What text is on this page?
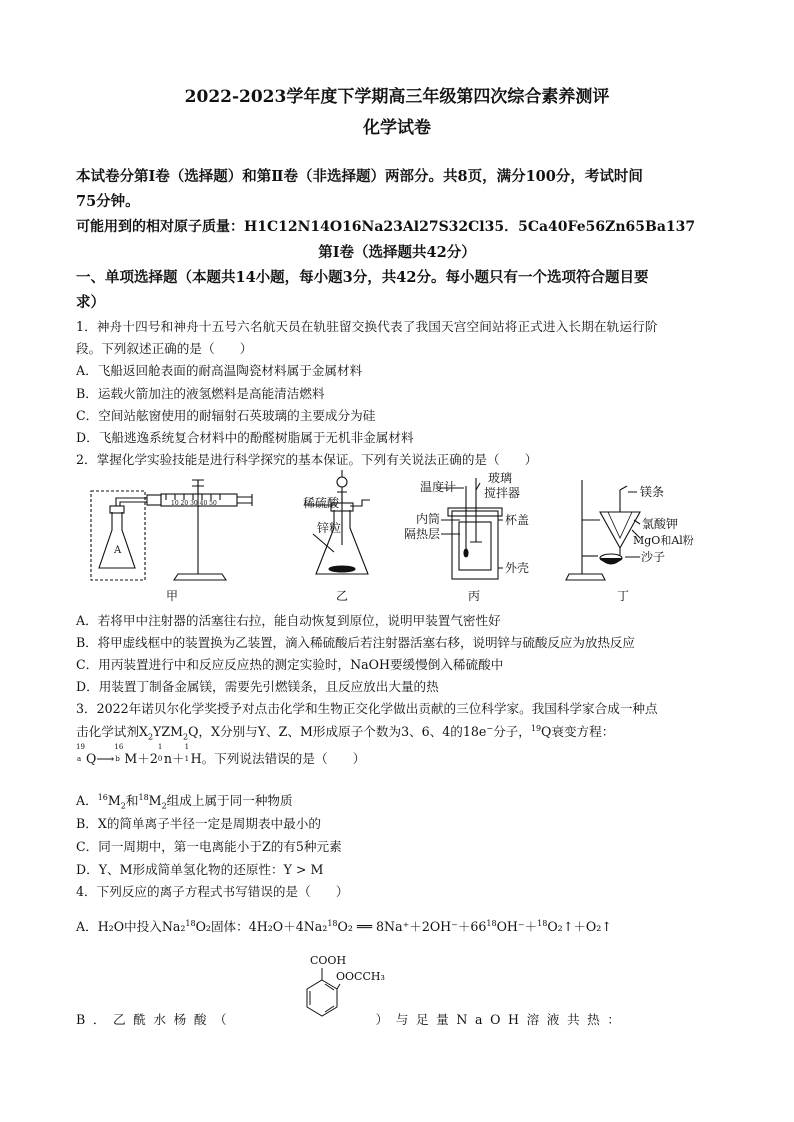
2022-2023学年度下学期高三年级第四次综合素养测评
化学试卷
本试卷分第Ⅰ卷（选择题）和第Ⅱ卷（非选择题）两部分。共8页，满分100分，考试时间
75分钟。
可能用到的相对原子质量：H1C12N14O16Na23Al27S32Cl35．5Ca40Fe56Zn65Ba137
第Ⅰ卷（选择题共42分）
一、单项选择题（本题共14小题，每小题3分，共42分。每小题只有一个选项符合题目要
求）
1．神舟十四号和神舟十五号六名航天员在轨驻留交换代表了我国天宫空间站将正式进入长期在轨运行阶
段。下列叙述正确的是（　　）
A．飞船返回舱表面的耐高温陶瓷材料属于金属材料
B．运载火箭加注的液氢燃料是高能清洁燃料
C．空间站舷窗使用的耐辐射石英玻璃的主要成分为硅
D．飞船逃逸系统复合材料中的酚醛树脂属于无机非金属材料
2．掌握化学实验技能是进行科学探究的基本保证。下列有关说法正确的是（　　）
10 20 30 40 50
A
甲
稀硫酸
锌粒
乙
温度计
玻璃
搅拌器
内筒
隔热层
杯盖
外壳
丙
镁条
氯酸钾
MgO和Al粉
沙子
丁
A．若将甲中注射器的活塞往右拉，能自动恢复到原位，说明甲装置气密性好
B．将甲虚线框中的装置换为乙装置，滴入稀硫酸后若注射器活塞右移，说明锌与硫酸反应为放热反应
C．用丙装置进行中和反应反应热的测定实验时，NaOH要缓慢倒入稀硫酸中
D．用装置丁制备金属镁，需要先引燃镁条，且反应放出大量的热
3．2022年诺贝尔化学奖授予对点击化学和生物正交化学做出贡献的三位科学家。我国科学家合成一种点
击化学试剂$X_2YZM_2Q$，X分别与Y、Z、M形成原子个数为3、6、4的18e−分子，$^{19}$Q衰变方程：
19
a Q⟶
16
b M＋2
1
0 n＋
1
1 H。下列说法错误的是（　　）
A．$^{16}M_2$和$^{18}M_2$组成上属于同一种物质
B．X的简单离子半径一定是周期表中最小的
C．同一周期中，第一电离能小于Z的有5种元素
D．Y、M形成简单氢化物的还原性：Y > M
4．下列反应的离子方程式书写错误的是（　　）
A．H₂O中投入Na₂$^{18}$O₂固体：4H₂O＋4Na₂$^{18}$O₂ ══ $8Na^++2OH^-+66^{18}OH^-+^{18}O_2↑+O_2↑$
COOH
OOCCH₃
B．乙酰水杨酸（　　　　　　　）与足量NaOH溶液共热：
